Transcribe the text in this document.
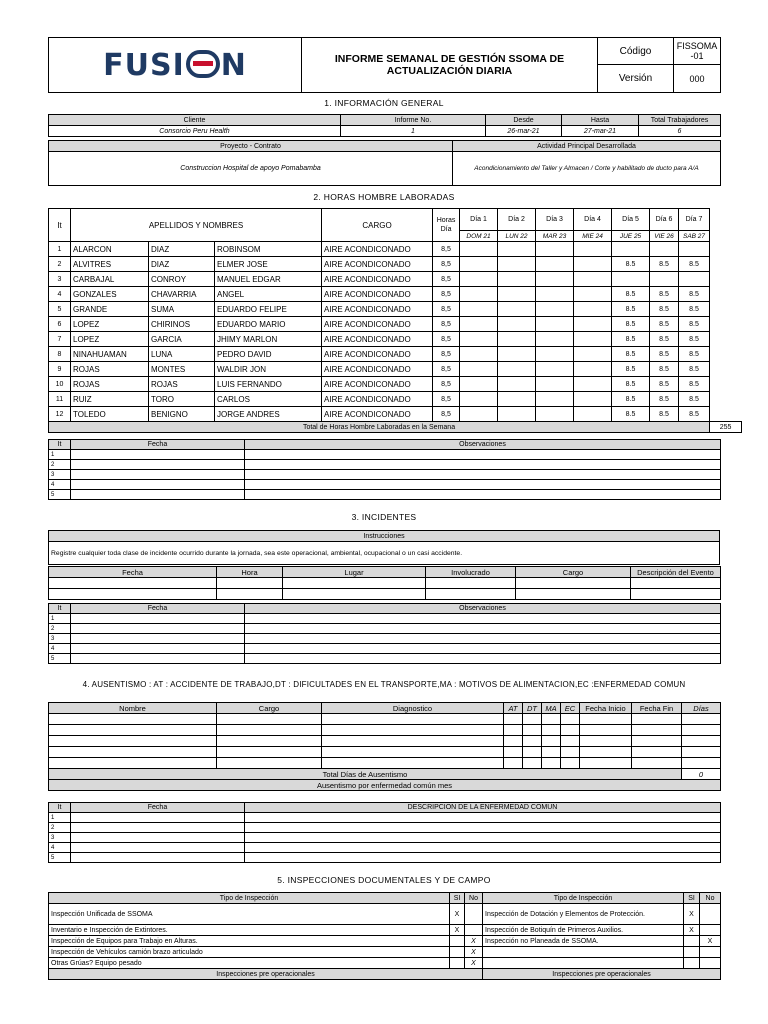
FUSI N	INFORME SEMANAL DE GESTIÓN SSOMA DE ACTUALIZACIÓN DIARIA	Código	FISSOMA -01
		Versión	000
1. INFORMACIÓN GENERAL
Cliente	Informe No.	Desde	Hasta	Total Trabajadores
Consorcio Peru Health	1	26-mar-21	27-mar-21	6
Proyecto - Contrato	Actividad Principal Desarrollada
Construccion Hospital de apoyo Pomabamba	Acondicionamiento del Taller y Almacen / Corte y habilitado de ducto para A/A
2. HORAS HOMBRE LABORADAS
It	APELLIDOS Y NOMBRES			CARGO	Horas Día	Día 1	Día 2	Día 3	Día 4	Día 5	Día 6	Día 7	
						DOM 21	LUN 22	MAR 23	MIE 24	JUE 25	VIE 26	SAB 27	
1	ALARCON	DIAZ	ROBINSOM	AIRE ACONDICONADO	8,5								
2	ALVITRES	DIAZ	ELMER JOSE	AIRE ACONDICONADO	8,5					8.5	8.5	8.5	
3	CARBAJAL	CONROY	MANUEL EDGAR	AIRE ACONDICONADO	8,5								
4	GONZALES	CHAVARRIA	ANGEL	AIRE ACONDICONADO	8,5					8.5	8.5	8.5	
5	GRANDE	SUMA	EDUARDO FELIPE	AIRE ACONDICONADO	8,5					8.5	8.5	8.5	
6	LOPEZ	CHIRINOS	EDUARDO MARIO	AIRE ACONDICONADO	8,5					8.5	8.5	8.5	
7	LOPEZ	GARCIA	JHIMY MARLON	AIRE ACONDICONADO	8,5					8.5	8.5	8.5	
8	NINAHUAMAN	LUNA	PEDRO DAVID	AIRE ACONDICONADO	8,5					8.5	8.5	8.5	
9	ROJAS	MONTES	WALDIR JON	AIRE ACONDICONADO	8,5					8.5	8.5	8.5	
10	ROJAS	ROJAS	LUIS FERNANDO	AIRE ACONDICONADO	8,5					8.5	8.5	8.5	
11	RUIZ	TORO	CARLOS	AIRE ACONDICONADO	8,5					8.5	8.5	8.5	
12	TOLEDO	BENIGNO	JORGE ANDRES	AIRE ACONDICONADO	8,5					8.5	8.5	8.5	
Total de Horas Hombre Laboradas en la Semana													255
It	Fecha	Observaciones
1		
2		
3		
4		
5		
3. INCIDENTES
Instrucciones
Registre cualquier toda clase de incidente ocurrido durante la jornada, sea este operacional, ambiental, ocupacional o un casi accidente.
Fecha	Hora	Lugar	Involucrado	Cargo	Descripción del Evento

It	Fecha	Observaciones
1		
2		
3		
4		
5		
4. AUSENTISMO : AT : ACCIDENTE DE TRABAJO,DT : DIFICULTADES EN EL TRANSPORTE,MA : MOTIVOS DE ALIMENTACION,EC :ENFERMEDAD COMUN
Nombre	Cargo	Diagnostico	AT	DT	MA	EC	Fecha Inicio	Fecha Fin	Días

Total Días de Ausentismo									0
Ausentismo por enfermedad común mes									
It	Fecha	DESCRIPCION DE LA ENFERMEDAD COMUN
1		
2		
3		
4		
5		
5. INSPECCIONES DOCUMENTALES Y DE CAMPO
Tipo de Inspección	SI	No	Tipo de Inspección	SI	No
Inspección Unificada de SSOMA	X		Inspección de Dotación y Elementos de Protección.	X	
Inventario e Inspección de Extintores.	X		Inspección de Botiquín de Primeros Auxilios.	X	
Inspección de Equipos para Trabajo en Alturas.		X	Inspección no Planeada de SSOMA.		X
Inspección de Vehículos camión brazo articulado		X			
Otras Grúas? Equipo pesado		X			
Inspecciones pre operacionales			Inspecciones pre operacionales		
